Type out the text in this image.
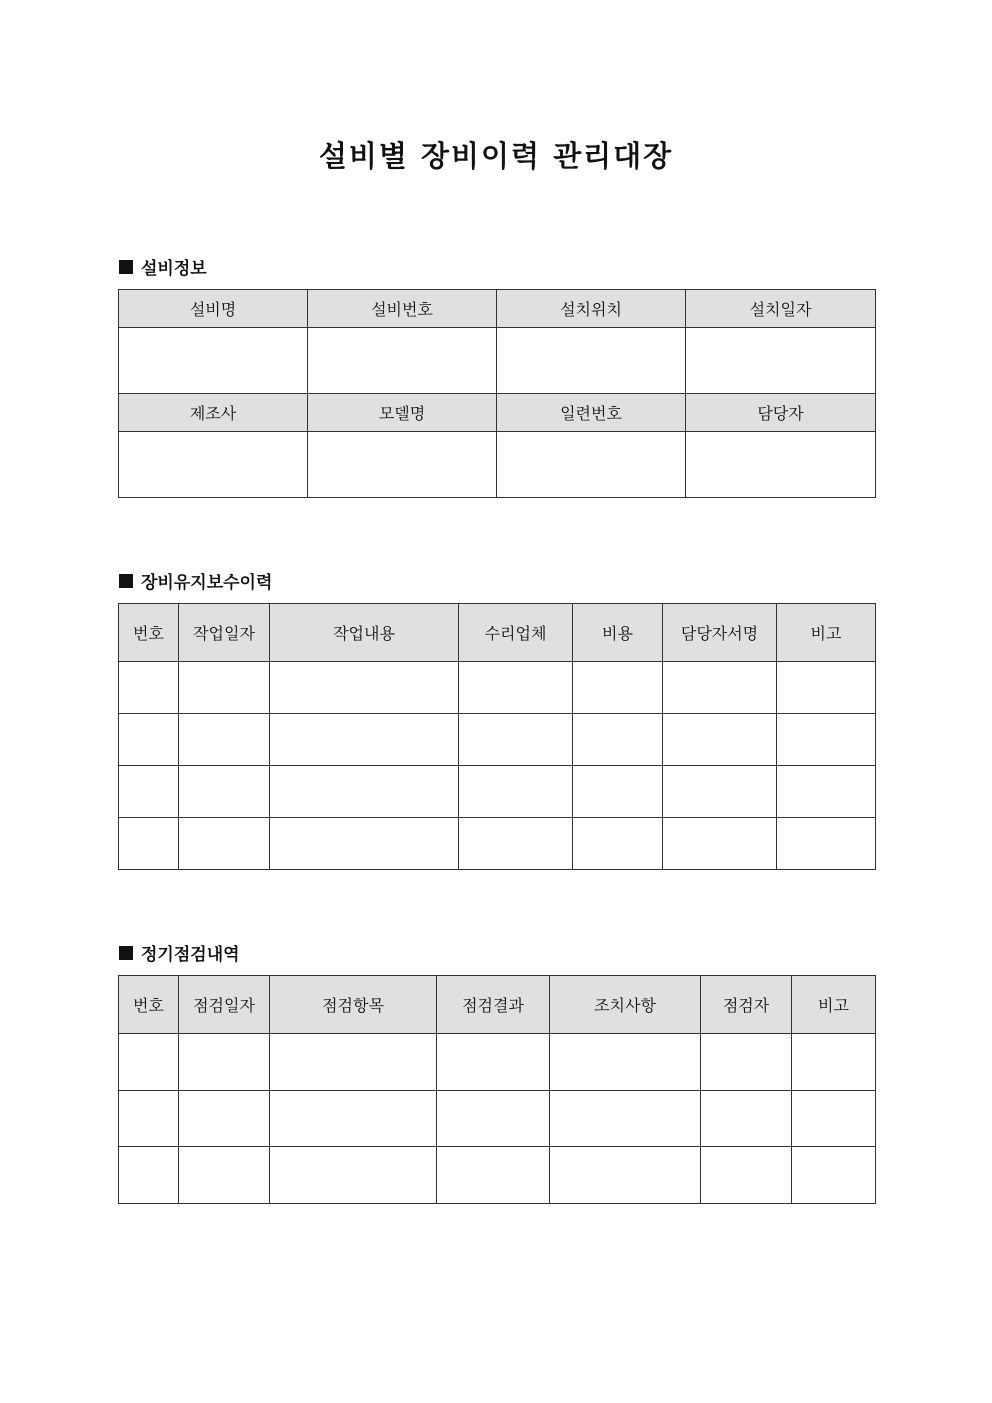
설비별 장비이력 관리대장
설비정보
설비명	설비번호	설치위치	설치일자

제조사	모델명	일련번호	담당자

장비유지보수이력
번호	작업일자	작업내용	수리업체	비용	담당자서명	비고

정기점검내역
번호	점검일자	점검항목	점검결과	조치사항	점검자	비고
